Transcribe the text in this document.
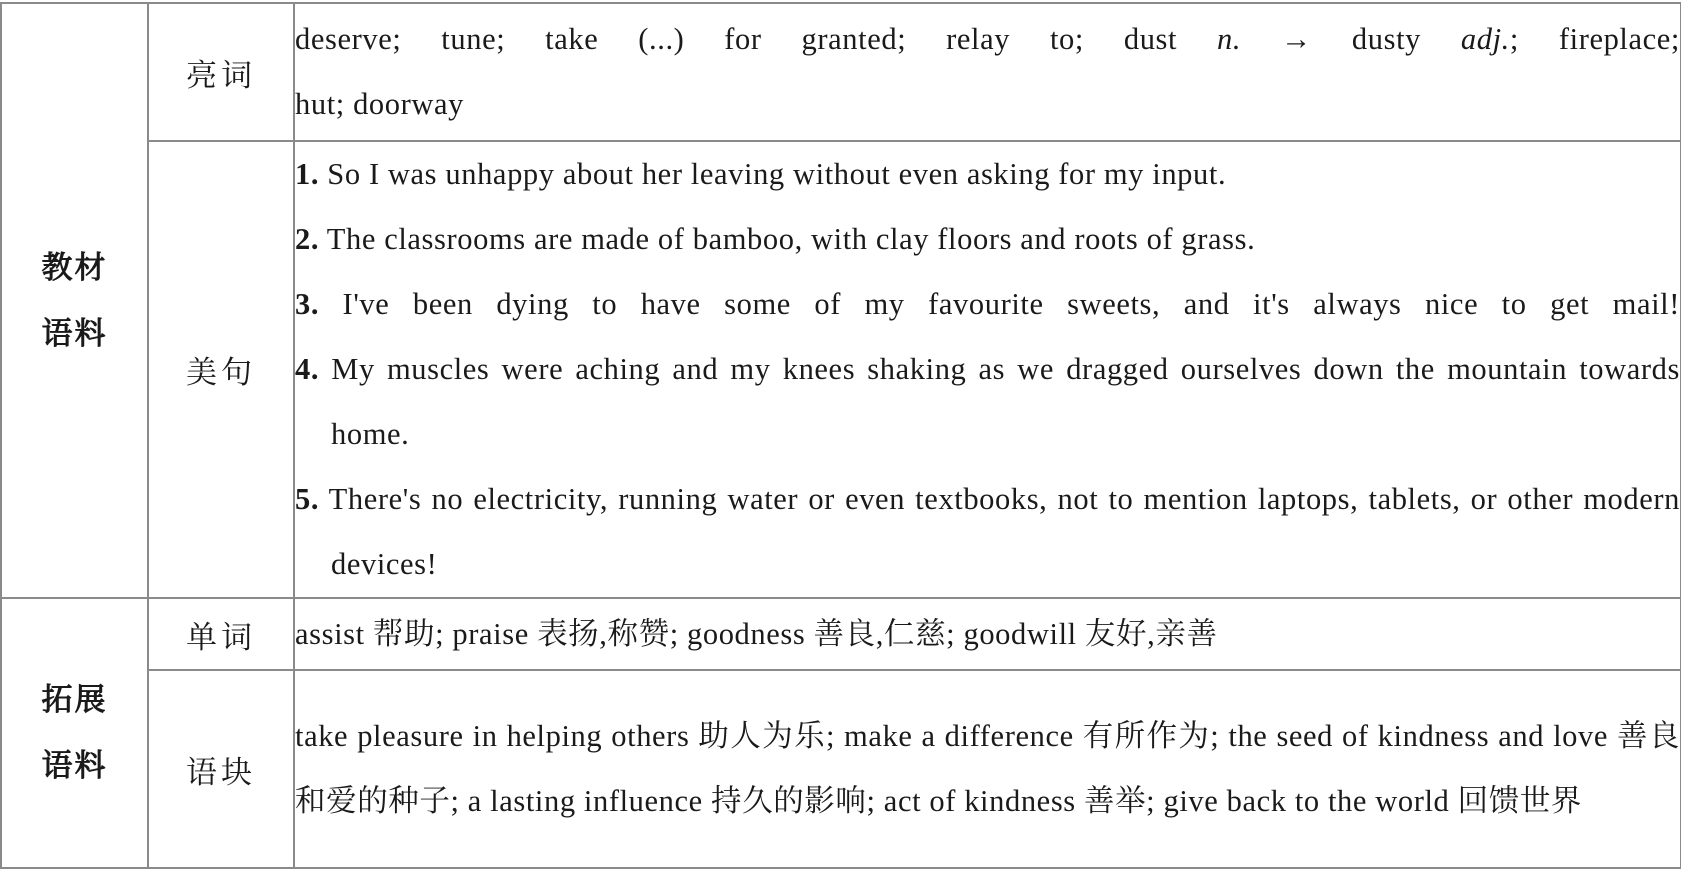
教材
语料	亮词	deserve; tune; take (...) for granted; relay to; dust n. → dusty adj.; fireplace;
hut; doorway
	美句	1. So I was unhappy about her leaving without even asking for my input.
2. The classrooms are made of bamboo, with clay floors and roots of grass.
3. I've been dying to have some of my favourite sweets, and it's always nice to get mail!
4. My muscles were aching and my knees shaking as we dragged ourselves down the mountain towards home.
5. There's no electricity, running water or even textbooks, not to mention laptops, tablets, or other modern devices!

拓展
语料	单词	assist 帮助; praise 表扬,称赞; goodness 善良,仁慈; goodwill 友好,亲善
	语块	take pleasure in helping others 助人为乐; make a difference 有所作为; the seed of kindness and love 善良和爱的种子; a lasting influence 持久的影响; act of kindness 善举; give back to the world 回馈世界
